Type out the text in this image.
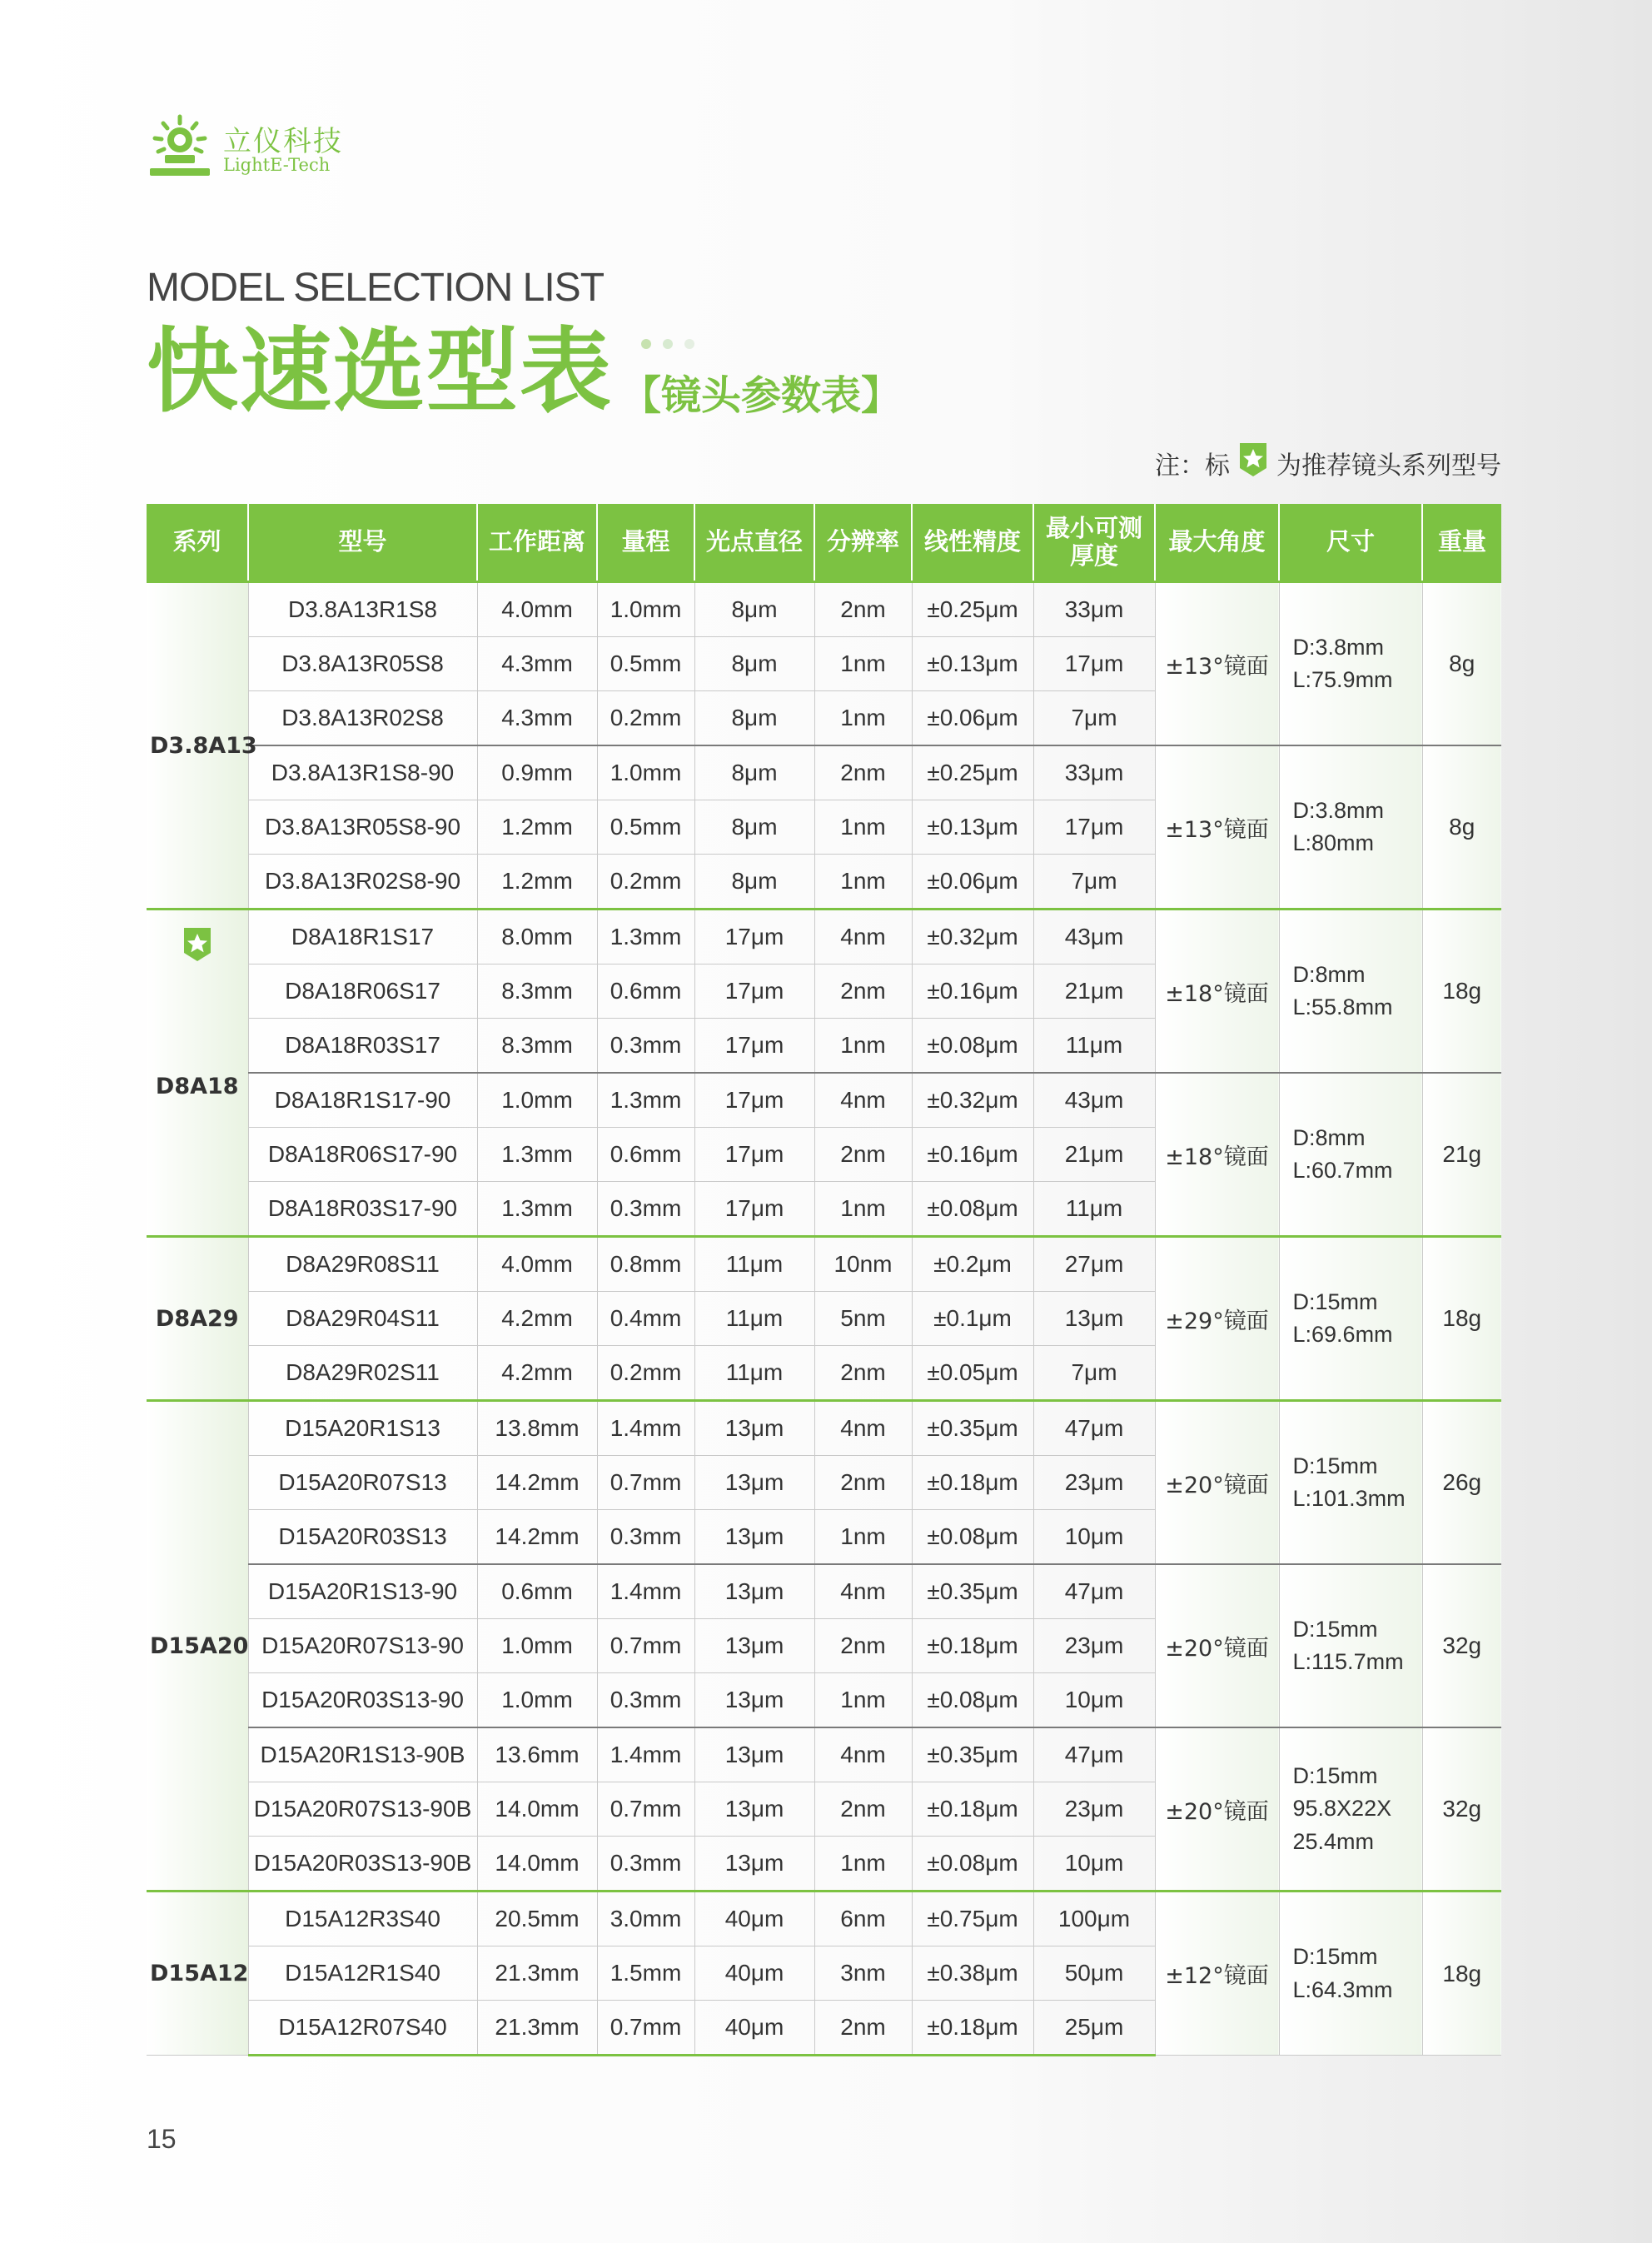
立仪科技
LightE-Tech
MODEL SELECTION LIST
快速选型表 【镜头参数表】
注：标 为推荐镜头系列型号
系列	型号	工作距离	量程	光点直径	分辨率	线性精度	最小可测
厚度	最大角度	尺寸	重量
D3.8A13	D3.8A13R1S8	4.0mm	1.0mm	8μm	2nm	±0.25μm	33μm	±13°镜面	D:3.8mm
L:75.9mm	8g
	D3.8A13R05S8	4.3mm	0.5mm	8μm	1nm	±0.13μm	17μm			
	D3.8A13R02S8	4.3mm	0.2mm	8μm	1nm	±0.06μm	7μm			
	D3.8A13R1S8-90	0.9mm	1.0mm	8μm	2nm	±0.25μm	33μm	±13°镜面	D:3.8mm
L:80mm	8g
	D3.8A13R05S8-90	1.2mm	0.5mm	8μm	1nm	±0.13μm	17μm			
	D3.8A13R02S8-90	1.2mm	0.2mm	8μm	1nm	±0.06μm	7μm			

D8A18	D8A18R1S17	8.0mm	1.3mm	17μm	4nm	±0.32μm	43μm	±18°镜面	D:8mm
L:55.8mm	18g
	D8A18R06S17	8.3mm	0.6mm	17μm	2nm	±0.16μm	21μm			
	D8A18R03S17	8.3mm	0.3mm	17μm	1nm	±0.08μm	11μm			
	D8A18R1S17-90	1.0mm	1.3mm	17μm	4nm	±0.32μm	43μm	±18°镜面	D:8mm
L:60.7mm	21g
	D8A18R06S17-90	1.3mm	0.6mm	17μm	2nm	±0.16μm	21μm			
	D8A18R03S17-90	1.3mm	0.3mm	17μm	1nm	±0.08μm	11μm			
D8A29	D8A29R08S11	4.0mm	0.8mm	11μm	10nm	±0.2μm	27μm	±29°镜面	D:15mm
L:69.6mm	18g
	D8A29R04S11	4.2mm	0.4mm	11μm	5nm	±0.1μm	13μm			
	D8A29R02S11	4.2mm	0.2mm	11μm	2nm	±0.05μm	7μm			
D15A20	D15A20R1S13	13.8mm	1.4mm	13μm	4nm	±0.35μm	47μm	±20°镜面	D:15mm
L:101.3mm	26g
	D15A20R07S13	14.2mm	0.7mm	13μm	2nm	±0.18μm	23μm			
	D15A20R03S13	14.2mm	0.3mm	13μm	1nm	±0.08μm	10μm			
	D15A20R1S13-90	0.6mm	1.4mm	13μm	4nm	±0.35μm	47μm	±20°镜面	D:15mm
L:115.7mm	32g
	D15A20R07S13-90	1.0mm	0.7mm	13μm	2nm	±0.18μm	23μm			
	D15A20R03S13-90	1.0mm	0.3mm	13μm	1nm	±0.08μm	10μm			
	D15A20R1S13-90B	13.6mm	1.4mm	13μm	4nm	±0.35μm	47μm	±20°镜面	D:15mm
95.8X22X
25.4mm	32g
	D15A20R07S13-90B	14.0mm	0.7mm	13μm	2nm	±0.18μm	23μm			
	D15A20R03S13-90B	14.0mm	0.3mm	13μm	1nm	±0.08μm	10μm			
D15A12	D15A12R3S40	20.5mm	3.0mm	40μm	6nm	±0.75μm	100μm	±12°镜面	D:15mm
L:64.3mm	18g
	D15A12R1S40	21.3mm	1.5mm	40μm	3nm	±0.38μm	50μm			
	D15A12R07S40	21.3mm	0.7mm	40μm	2nm	±0.18μm	25μm			
15
